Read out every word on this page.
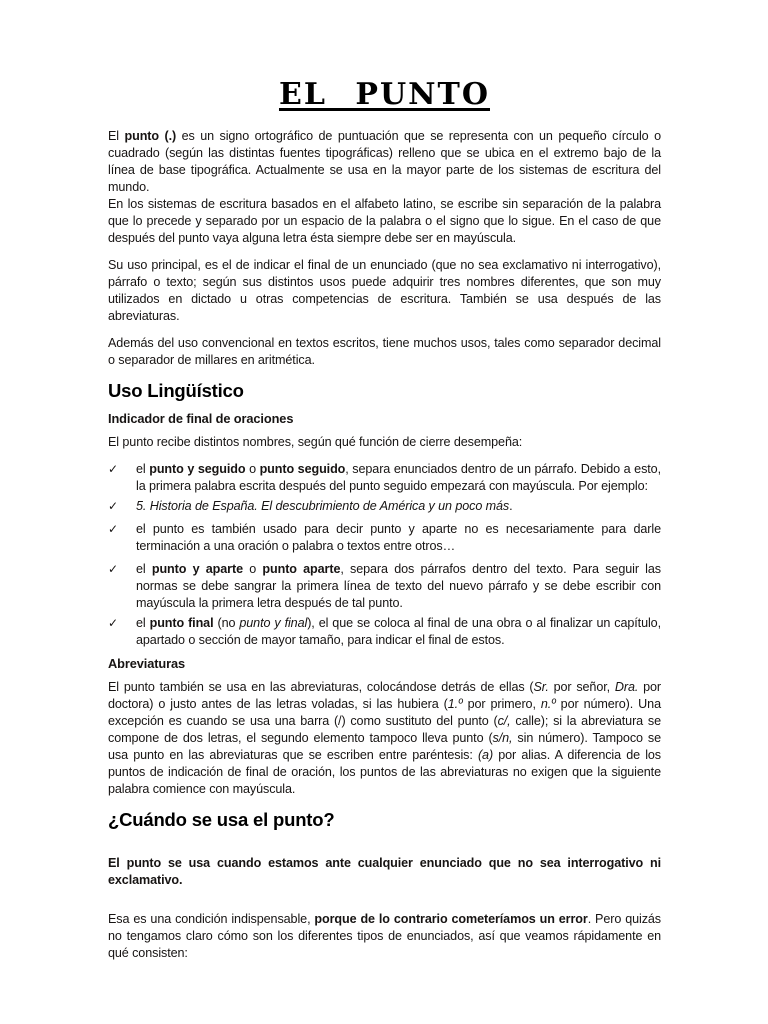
EL PUNTO

El punto (.) es un signo ortográfico de puntuación que se representa con un pequeño círculo o cuadrado (según las distintas fuentes tipográficas) relleno que se ubica en el extremo bajo de la línea de base tipográfica. Actualmente se usa en la mayor parte de los sistemas de escritura del mundo.

En los sistemas de escritura basados en el alfabeto latino, se escribe sin separación de la palabra que lo precede y separado por un espacio de la palabra o el signo que lo sigue. En el caso de que después del punto vaya alguna letra ésta siempre debe ser en mayúscula.

Su uso principal, es el de indicar el final de un enunciado (que no sea exclamativo ni interrogativo), párrafo o texto; según sus distintos usos puede adquirir tres nombres diferentes, que son muy utilizados en dictado u otras competencias de escritura. También se usa después de las abreviaturas.

Además del uso convencional en textos escritos, tiene muchos usos, tales como separador decimal o separador de millares en aritmética.

Uso Lingüístico
Indicador de final de oraciones

El punto recibe distintos nombres, según qué función de cierre desempeña:

✓	el punto y seguido o punto seguido, separa enunciados dentro de un párrafo. Debido a esto, la primera palabra escrita después del punto seguido empezará con mayúscula. Por ejemplo:
✓	5. Historia de España. El descubrimiento de América y un poco más.
✓	el punto es también usado para decir punto y aparte no es necesariamente para darle terminación a una oración o palabra o textos entre otros…
✓	el punto y aparte o punto aparte, separa dos párrafos dentro del texto. Para seguir las normas se debe sangrar la primera línea de texto del nuevo párrafo y se debe escribir con mayúscula la primera letra después de tal punto.
✓	el punto final (no punto y final), el que se coloca al final de una obra o al finalizar un capítulo, apartado o sección de mayor tamaño, para indicar el final de estos.
Abreviaturas

El punto también se usa en las abreviaturas, colocándose detrás de ellas (Sr. por señor, Dra. por doctora) o justo antes de las letras voladas, si las hubiera (1.º por primero, n.º por número). Una excepción es cuando se usa una barra (/) como sustituto del punto (c/, calle); si la abreviatura se compone de dos letras, el segundo elemento tampoco lleva punto (s/n, sin número). Tampoco se usa punto en las abreviaturas que se escriben entre paréntesis: (a) por alias. A diferencia de los puntos de indicación de final de oración, los puntos de las abreviaturas no exigen que la siguiente palabra comience con mayúscula.

¿Cuándo se usa el punto?

El punto se usa cuando estamos ante cualquier enunciado que no sea interrogativo ni exclamativo.

Esa es una condición indispensable, porque de lo contrario cometeríamos un error. Pero quizás no tengamos claro cómo son los diferentes tipos de enunciados, así que veamos rápidamente en qué consisten:
